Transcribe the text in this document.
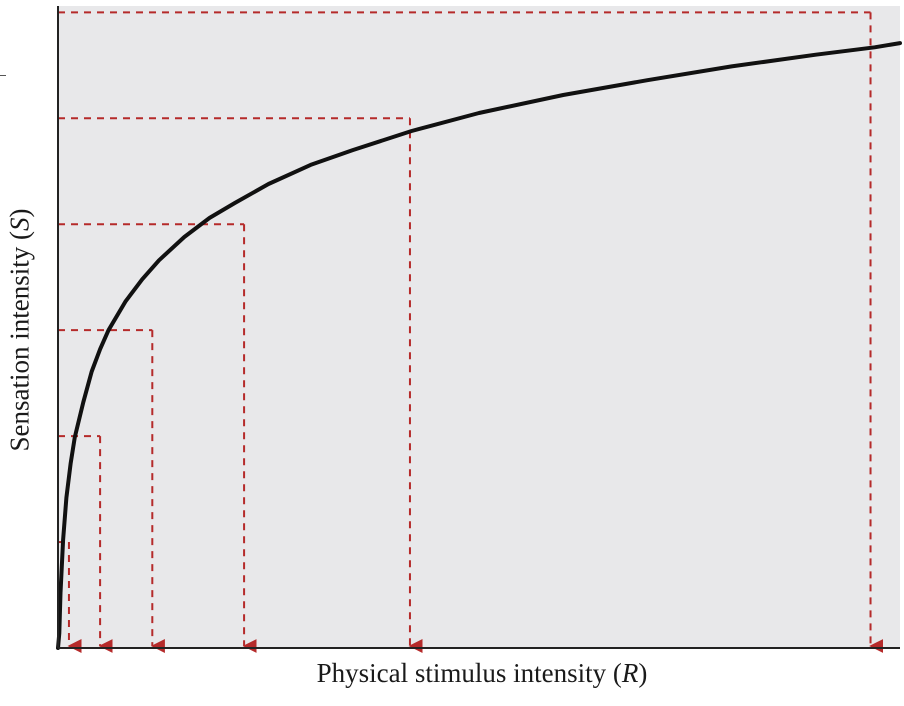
Physical stimulus intensity (R)
Sensation intensity (S)
